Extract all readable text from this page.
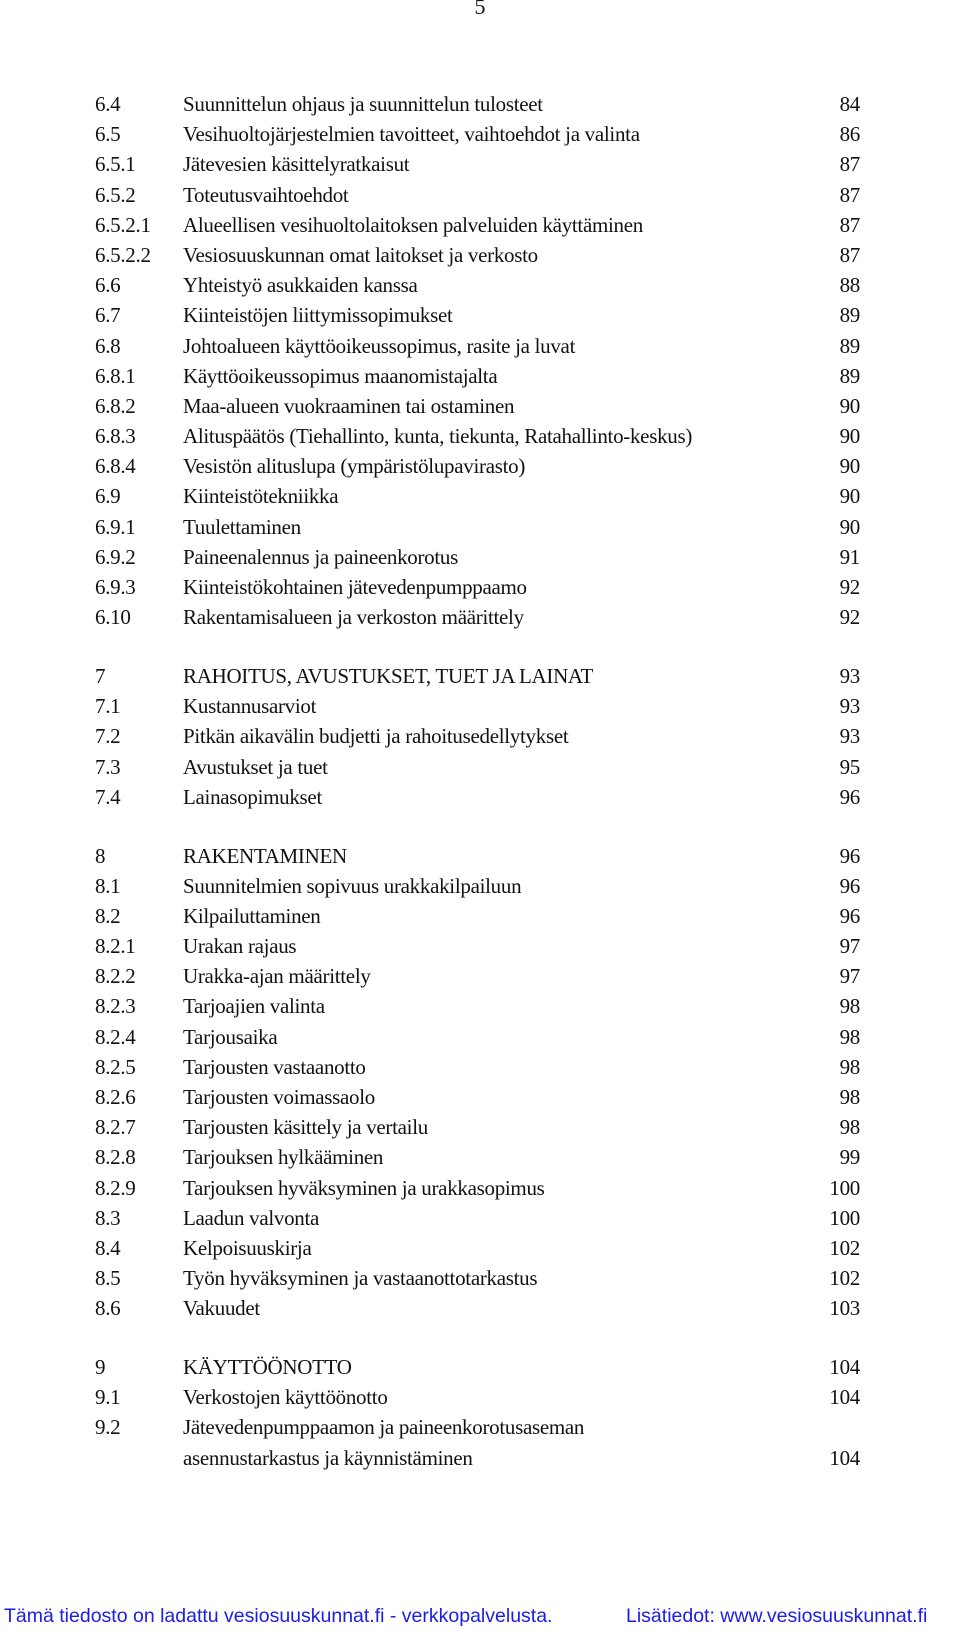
5
6.4	Suunnittelun ohjaus ja suunnittelun tulosteet	84
6.5	Vesihuoltojärjestelmien tavoitteet, vaihtoehdot ja valinta	86
6.5.1 Jätevesien käsittelyratkaisut	87
6.5.2 Toteutusvaihtoehdot	87
6.5.2.1 Alueellisen vesihuoltolaitoksen palveluiden käyttäminen	87
6.5.2.2 Vesiosuuskunnan omat laitokset ja verkosto	87
6.6	Yhteistyö asukkaiden kanssa	88
6.7	Kiinteistöjen liittymissopimukset	89
6.8	Johtoalueen käyttöoikeussopimus, rasite ja luvat	89
6.8.1 Käyttöoikeussopimus maanomistajalta	89
6.8.2 Maa-alueen vuokraaminen tai ostaminen	90
6.8.3 Alituspäätös (Tiehallinto, kunta, tiekunta, Ratahallinto-keskus)	90
6.8.4 Vesistön alituslupa (ympäristölupavirasto)	90
6.9	Kiinteistötekniikka	90
6.9.1 Tuulettaminen	90
6.9.2 Paineenalennus ja paineenkorotus	91
6.9.3 Kiinteistökohtainen jätevedenpumppaamo	92
6.10 Rakentamisalueen ja verkoston määrittely	92
7	RAHOITUS, AVUSTUKSET, TUET JA LAINAT	93
7.1	Kustannusarviot	93
7.2	Pitkän aikavälin budjetti ja rahoitusedellytykset	93
7.3	Avustukset ja tuet	95
7.4	Lainasopimukset	96
8	RAKENTAMINEN	96
8.1	Suunnitelmien sopivuus urakkakilpailuun	96
8.2	Kilpailuttaminen	96
8.2.1 Urakan rajaus	97
8.2.2 Urakka-ajan määrittely	97
8.2.3 Tarjoajien valinta	98
8.2.4 Tarjousaika	98
8.2.5 Tarjousten vastaanotto	98
8.2.6 Tarjousten voimassaolo	98
8.2.7 Tarjousten käsittely ja vertailu	98
8.2.8 Tarjouksen hylkääminen	99
8.2.9 Tarjouksen hyväksyminen ja urakkasopimus	100
8.3	Laadun valvonta	100
8.4	Kelpoisuuskirja	102
8.5	Työn hyväksyminen ja vastaanottotarkastus	102
8.6	Vakuudet	103
9	KÄYTTÖÖNOTTO	104
9.1	Verkostojen käyttöönotto	104
9.2	Jätevedenpumppaamon ja paineenkorotusaseman
asennustarkastus ja käynnistäminen	104
Tämä tiedosto on ladattu vesiosuuskunnat.fi - verkkopalvelusta.	Lisätiedot: www.vesiosuuskunnat.fi
